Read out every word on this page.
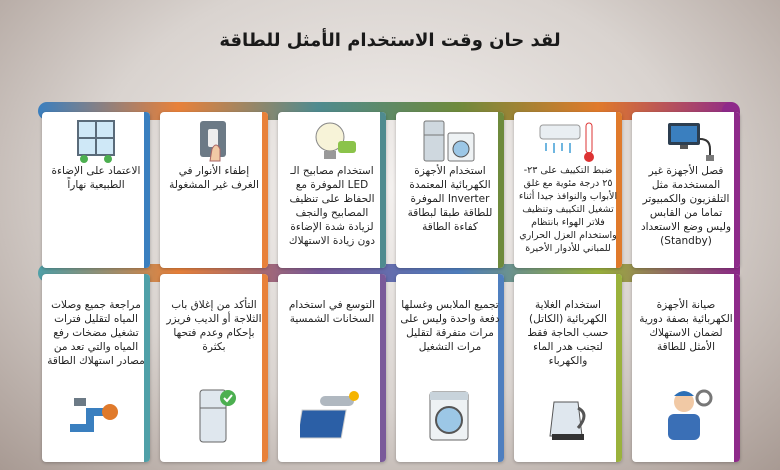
لقد حان وقت الاستخدام الأمثل للطاقة
فصل الأجهزة غير المستخدمة مثل التلفزيون والكمبيوتر تماما من القابس وليس وضع الاستعداد (Standby)
ضبط التكييف على ٢٣- ٢٥ درجة مئوية مع غلق الأبواب والنوافذ جيدا أثناء تشغيل التكييف وتنظيف فلاتر الهواء بانتظام واستخدام العزل الحراري للمباني للأدوار الأخيرة
استخدام الأجهزة الكهربائية المعتمدة Inverter الموفرة للطاقة طبقا لبطاقة كفاءة الطاقة
استخدام مصابيح الـ LED الموفرة مع الحفاظ على تنظيف المصابيح والنجف لزيادة شدة الإضاءة دون زيادة الاستهلاك
إطفاء الأنوار في الغرف غير المشغولة
الاعتماد على الإضاءة الطبيعية نهاراً
صيانة الأجهزة الكهربائية بصفة دورية لضمان الاستهلاك الأمثل للطاقة
استخدام الغلاية الكهربائية (الكاتل) حسب الحاجة فقط لتجنب هدر الماء والكهرباء
تجميع الملابس وغسلها دفعة واحدة وليس على مرات متفرقة لتقليل مرات التشغيل
التوسع في استخدام السخانات الشمسية
التأكد من إغلاق باب الثلاجة أو الديب فريزر بإحكام وعدم فتحها بكثرة
مراجعة جميع وصلات المياه لتقليل فترات تشغيل مضخات رفع المياه والتي تعد من مصادر استهلاك الطاقة
